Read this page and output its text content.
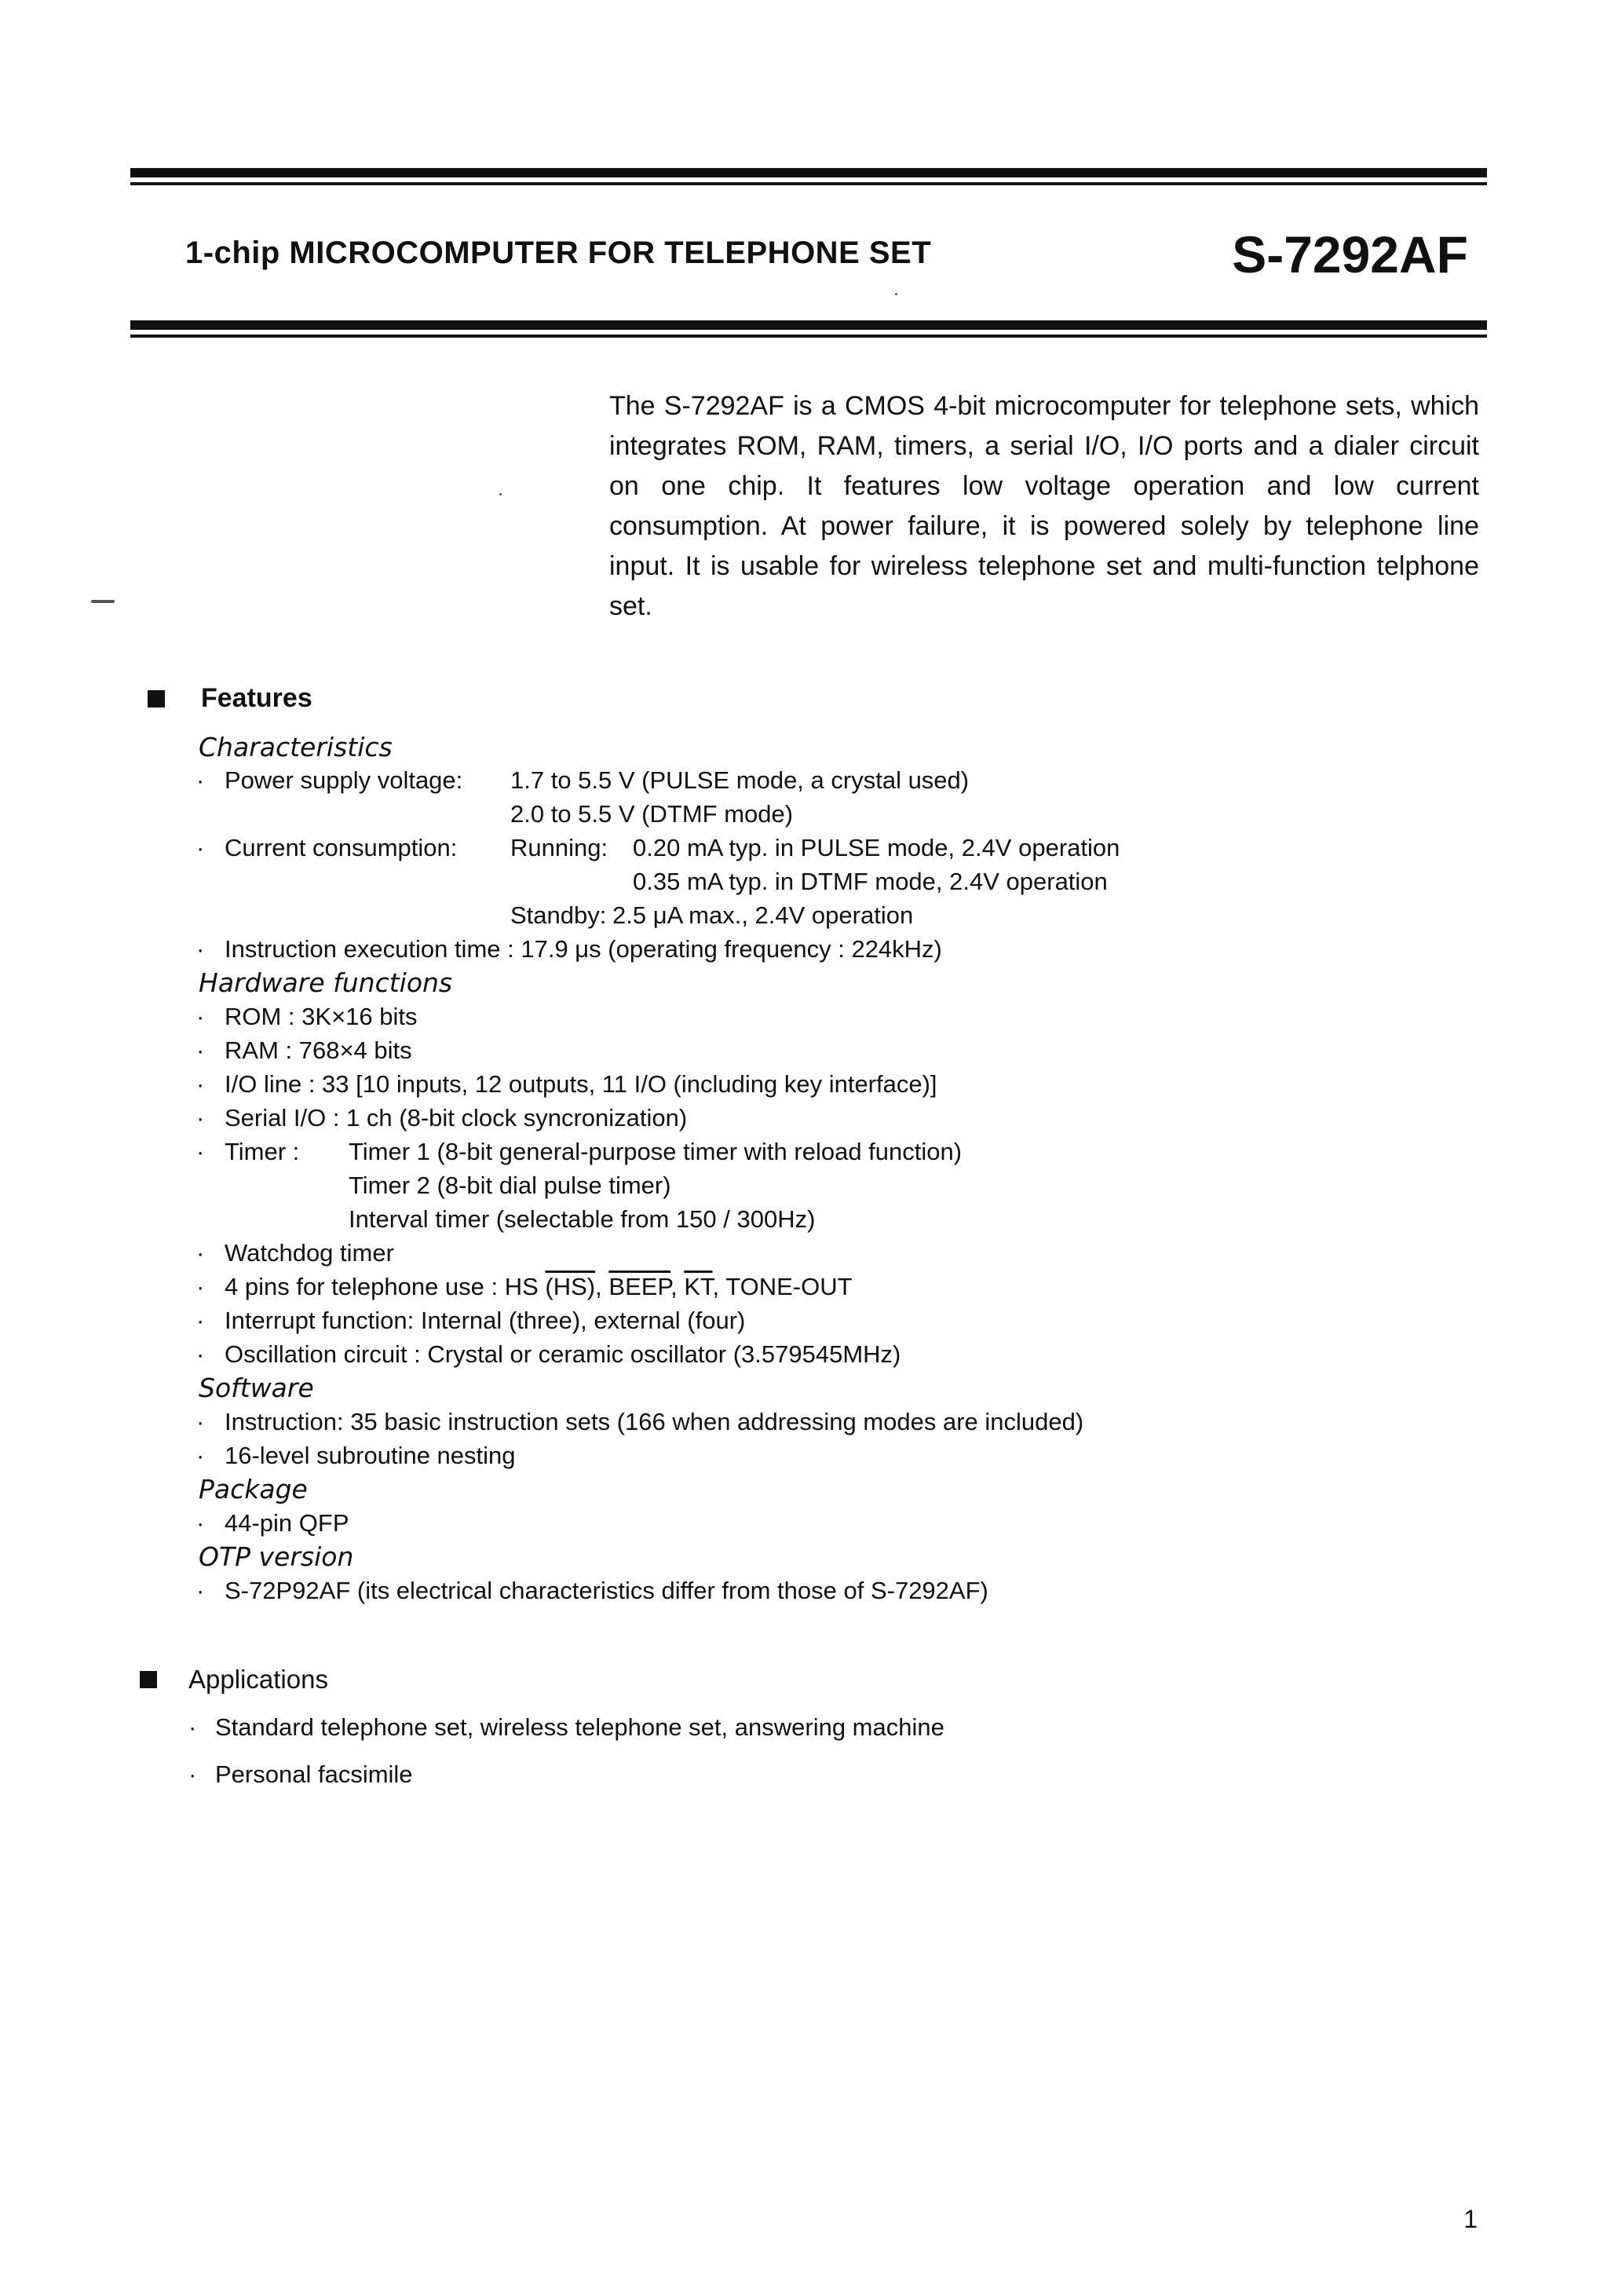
1-chip MICROCOMPUTER FOR TELEPHONE SET	S-7292AF
The S-7292AF is a CMOS 4-bit microcomputer for telephone sets, which integrates ROM, RAM, timers, a serial I/O, I/O ports and a dialer circuit on one chip. It features low voltage operation and low current consumption. At power failure, it is powered solely by telephone line input. It is usable for wireless telephone set and multi-function telphone set.
Features
Characteristics
· Power supply voltage: 1.7 to 5.5 V (PULSE mode, a crystal used)
2.0 to 5.5 V (DTMF mode)
· Current consumption: Running: 0.20 mA typ. in PULSE mode, 2.4V operation
0.35 mA typ. in DTMF mode, 2.4V operation
Standby: 2.5 μA max., 2.4V operation
· Instruction execution time : 17.9 μs (operating frequency : 224kHz)
Hardware functions
· ROM : 3K×16 bits
· RAM : 768×4 bits
· I/O line : 33 [10 inputs, 12 outputs, 11 I/O (including key interface)]
· Serial I/O : 1 ch (8-bit clock syncronization)
· Timer : Timer 1 (8-bit general-purpose timer with reload function)
Timer 2 (8-bit dial pulse timer)
Interval timer (selectable from 150 / 300Hz)
· Watchdog timer
· 4 pins for telephone use : HS (HS), BEEP, $\overline{KT}$, TONE-OUT
· Interrupt function: Internal (three), external (four)
· Oscillation circuit : Crystal or ceramic oscillator (3.579545MHz)
Software
· Instruction: 35 basic instruction sets (166 when addressing modes are included)
· 16-level subroutine nesting
Package
· 44-pin QFP
OTP version
· S-72P92AF (its electrical characteristics differ from those of S-7292AF)
Applications
· Standard telephone set, wireless telephone set, answering machine
· Personal facsimile
1
